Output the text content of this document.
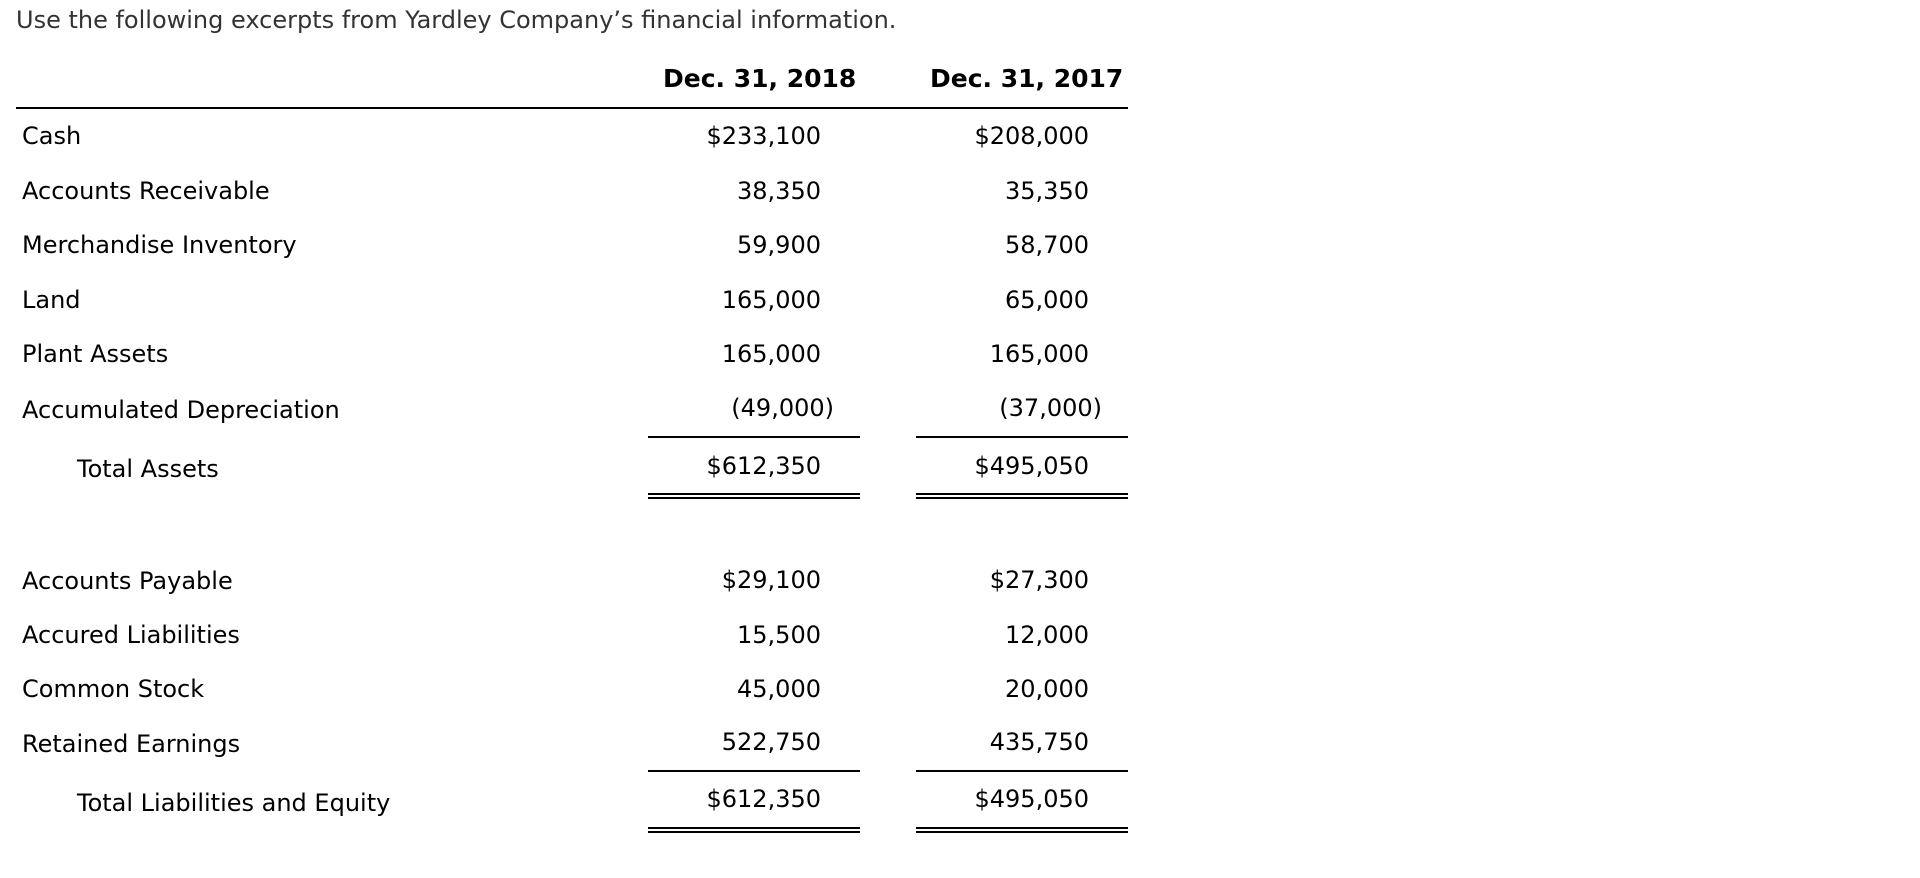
Use the following excerpts from Yardley Company’s financial information.
Dec. 31, 2018	Dec. 31, 2017
Cash	$233,100	$208,000
Accounts Receivable	38,350	35,350
Merchandise Inventory	59,900	58,700
Land	165,000	65,000
Plant Assets	165,000	165,000
Accumulated Depreciation	(49,000)	(37,000)
Total Assets	$612,350	$495,050
Accounts Payable	$29,100	$27,300
Accured Liabilities	15,500	12,000
Common Stock	45,000	20,000
Retained Earnings	522,750	435,750
Total Liabilities and Equity	$612,350	$495,050
